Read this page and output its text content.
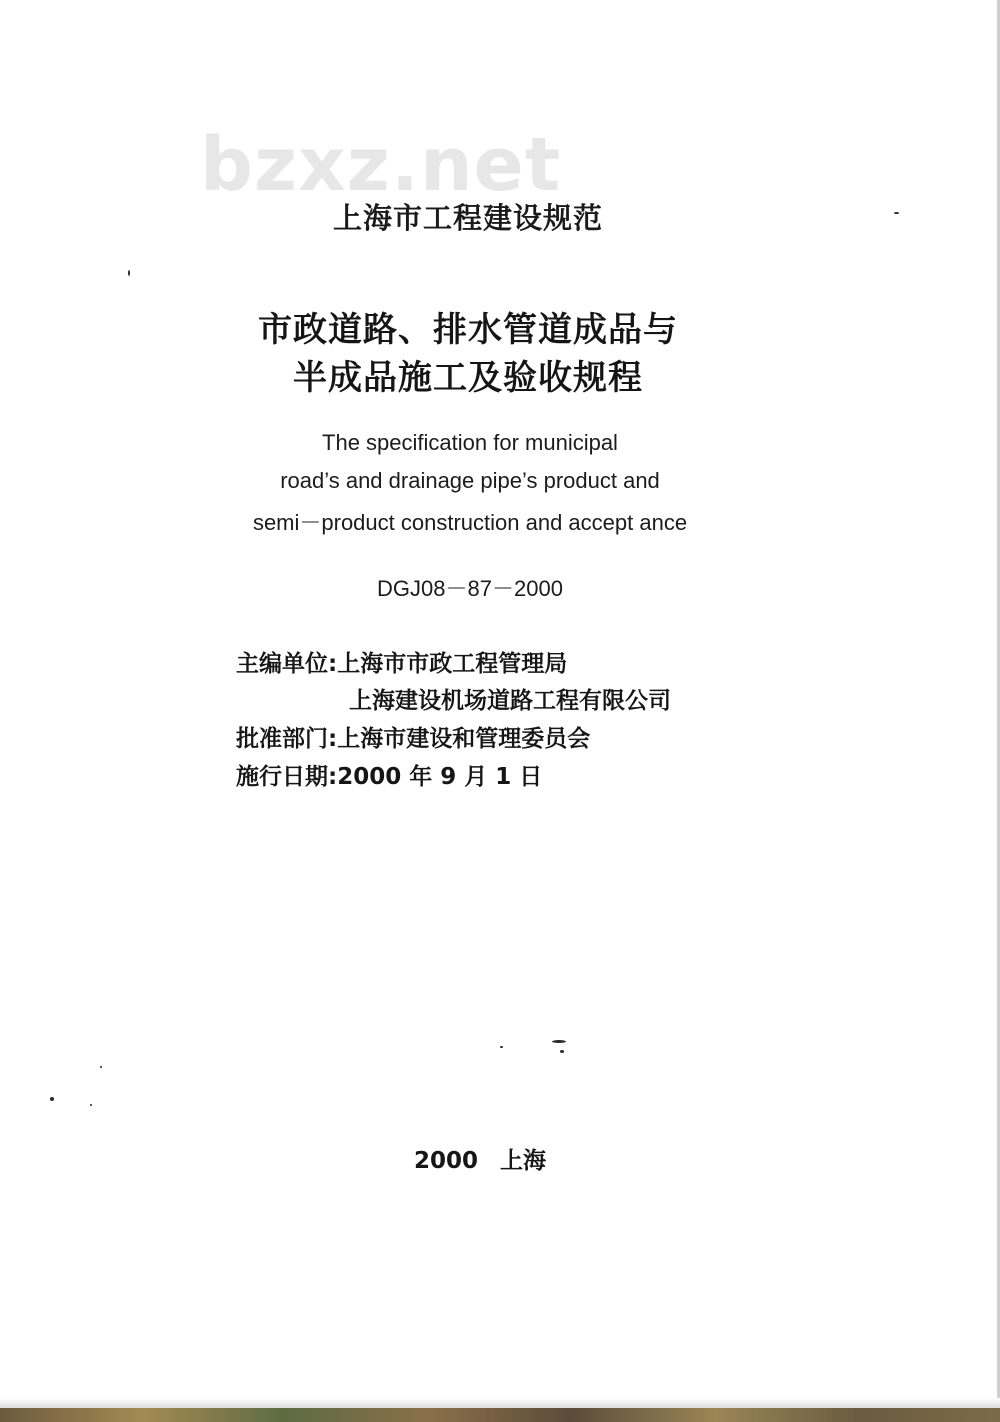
bzxz.net
上海市工程建设规范
市政道路、排水管道成品与
半成品施工及验收规程
The specification for municipal
road’s and drainage pipe’s product and
semi－product construction and accept ance
DGJ08－87－2000
主编单位:上海市市政工程管理局
上海建设机场道路工程有限公司
批准部门:上海市建设和管理委员会
施行日期:2000 年 9 月 1 日
2000 上海
